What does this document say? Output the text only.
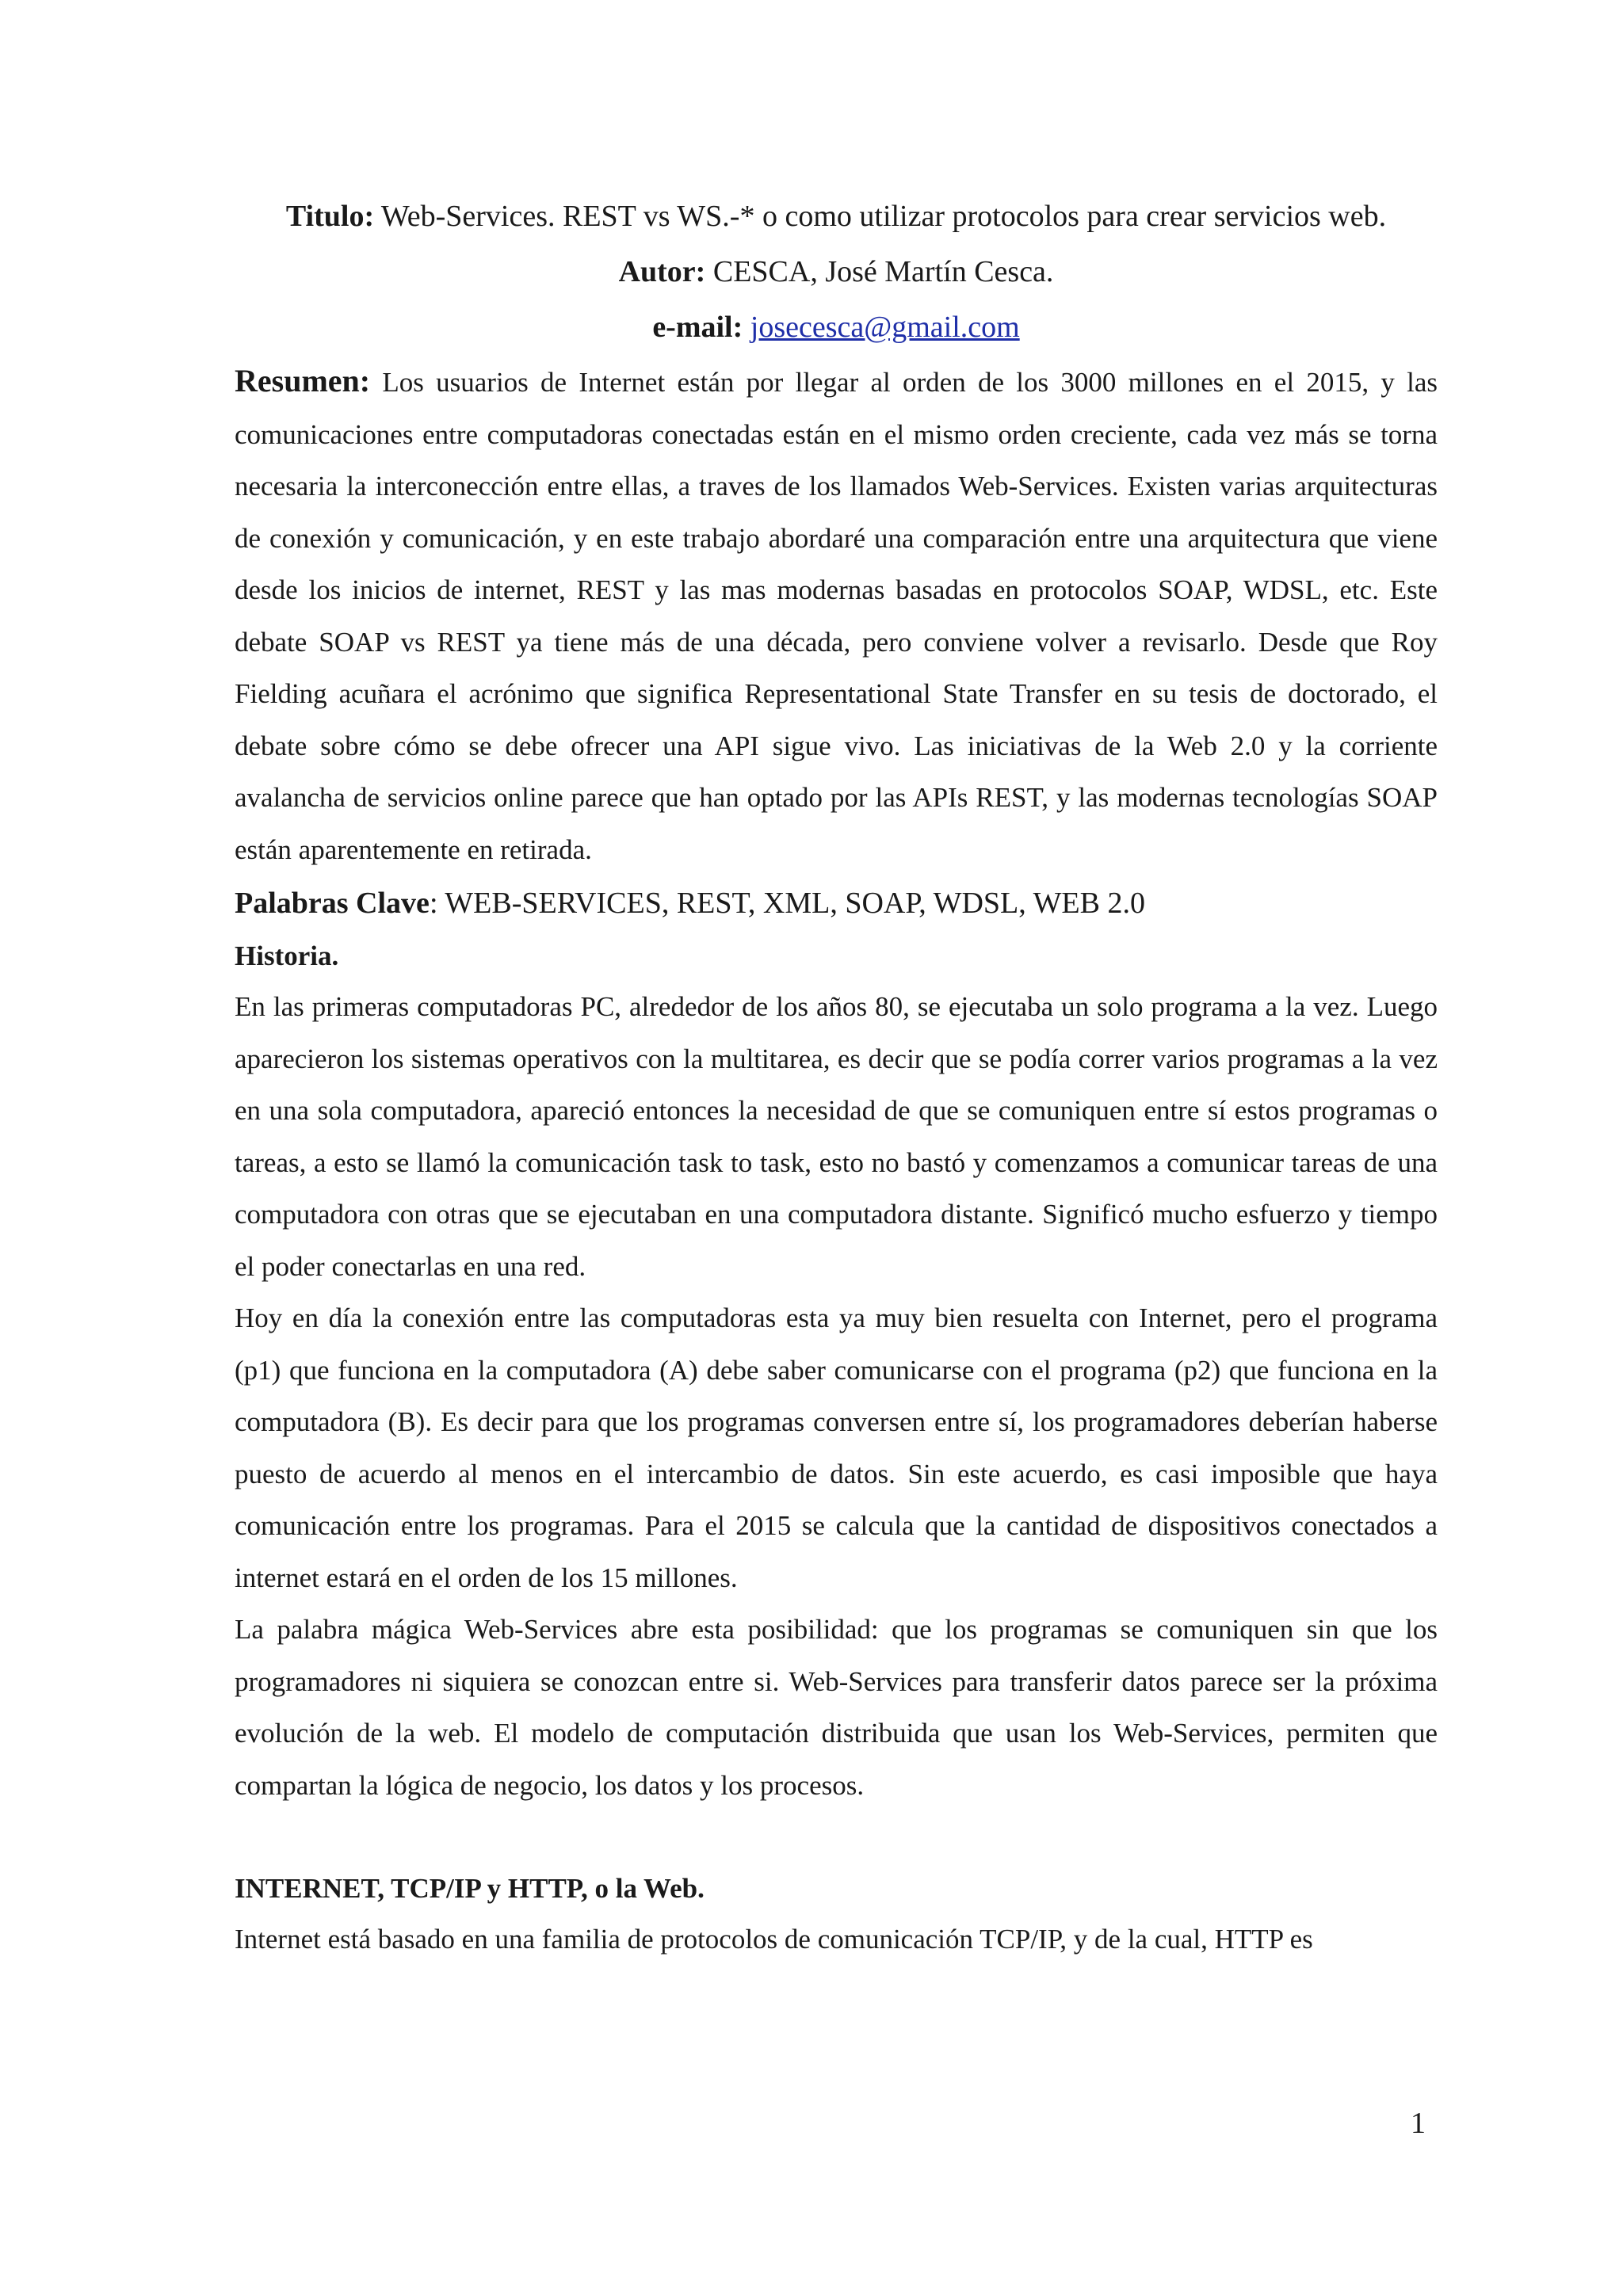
Titulo: Web-Services. REST vs WS.-* o como utilizar protocolos para crear servicios web.

Autor: CESCA, José Martín Cesca.

e-mail: josecesca@gmail.com

Resumen: Los usuarios de Internet están por llegar al orden de los 3000 millones en el 2015, y las comunicaciones entre computadoras conectadas están en el mismo orden creciente, cada vez más se torna necesaria la interconección entre ellas, a traves de los llamados Web-Services. Existen varias arquitecturas de conexión y comunicación, y en este trabajo abordaré una comparación entre una arquitectura que viene desde los inicios de internet, REST y las mas modernas basadas en protocolos SOAP, WDSL, etc. Este debate SOAP vs REST ya tiene más de una década, pero conviene volver a revisarlo. Desde que Roy Fielding acuñara el acrónimo que significa Representational State Transfer en su tesis de doctorado, el debate sobre cómo se debe ofrecer una API sigue vivo. Las iniciativas de la Web 2.0 y la corriente avalancha de servicios online parece que han optado por las APIs REST, y las modernas tecnologías SOAP están aparentemente en retirada.

Palabras Clave: WEB-SERVICES, REST, XML, SOAP, WDSL, WEB 2.0

Historia.

En las primeras computadoras PC, alrededor de los años 80, se ejecutaba un solo programa a la vez. Luego aparecieron los sistemas operativos con la multitarea, es decir que se podía correr varios programas a la vez en una sola computadora, apareció entonces la necesidad de que se comuniquen entre sí estos programas o tareas, a esto se llamó la comunicación task to task, esto no bastó y comenzamos a comunicar tareas de una computadora con otras que se ejecutaban en una computadora distante. Significó mucho esfuerzo y tiempo el poder conectarlas en una red.

Hoy en día la conexión entre las computadoras esta ya muy bien resuelta con Internet, pero el programa (p1) que funciona en la computadora (A) debe saber comunicarse con el programa (p2) que funciona en la computadora (B). Es decir para que los programas conversen entre sí, los programadores deberían haberse puesto de acuerdo al menos en el intercambio de datos. Sin este acuerdo, es casi imposible que haya comunicación entre los programas. Para el 2015 se calcula que la cantidad de dispositivos conectados a internet estará en el orden de los 15 millones.

La palabra mágica Web-Services abre esta posibilidad: que los programas se comuniquen sin que los programadores ni siquiera se conozcan entre si. Web-Services para transferir datos parece ser la próxima evolución de la web. El modelo de computación distribuida que usan los Web-Services, permiten que compartan la lógica de negocio, los datos y los procesos.

INTERNET, TCP/IP y HTTP, o la Web.

Internet está basado en una familia de protocolos de comunicación TCP/IP, y de la cual, HTTP es

1
